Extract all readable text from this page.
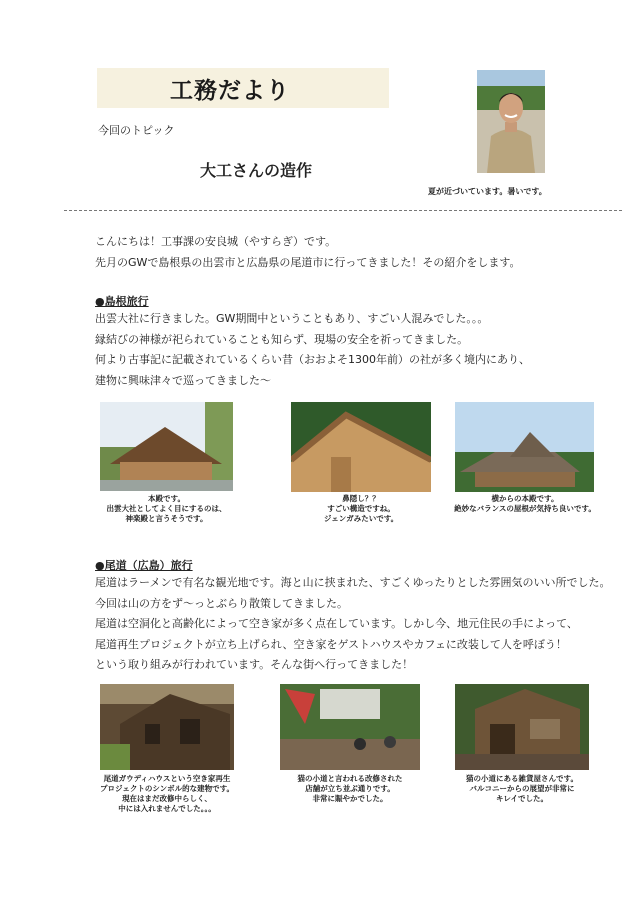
工務だより
今回のトピック
大工さんの造作
夏が近づいています。暑いです。
こんにちは！工事課の安良城（やすらぎ）です。
先月のGWで島根県の出雲市と広島県の尾道市に行ってきました！その紹介をします。
●島根旅行
出雲大社に行きました。GW期間中ということもあり、すごい人混みでした。。。
縁結びの神様が祀られていることも知らず、現場の安全を祈ってきました。
何より古事記に記載されているくらい昔（おおよそ1300年前）の社が多く境内にあり、
建物に興味津々で巡ってきました～
本殿です。
出雲大社としてよく目にするのは、
神楽殿と言うそうです。
鼻隠し？？
すごい構造ですね。
ジェンガみたいです。
横からの本殿です。
絶妙なバランスの屋根が気持ち良いです。
●尾道（広島）旅行
尾道はラーメンで有名な観光地です。海と山に挟まれた、すごくゆったりとした雰囲気のいい所でした。
今回は山の方をず～っとぶらり散策してきました。
尾道は空洞化と高齢化によって空き家が多く点在しています。しかし今、地元住民の手によって、
尾道再生プロジェクトが立ち上げられ、空き家をゲストハウスやカフェに改装して人を呼ぼう！
という取り組みが行われています。そんな街へ行ってきました！
尾道ガウディハウスという空き家再生
プロジェクトのシンボル的な建物です。
現在はまだ改修中らしく、
中には入れませんでした。。。
猫の小道と言われる改修された
店舗が立ち並ぶ通りです。
非常に賑やかでした。
猫の小道にある雑貨屋さんです。
バルコニーからの展望が非常に
キレイでした。
